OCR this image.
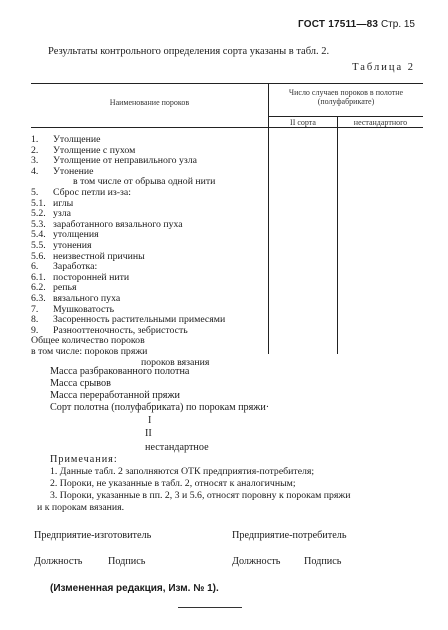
ГОСТ 17511—83 Стр. 15
Результаты контрольного определения сорта указаны в табл. 2.
Таблица 2
Наименование пороков
Число случаев пороков в полотне (полуфабрикате)
II сорта	нестандартного
1. Утолщение
2. Утолщение с пухом
3. Утолщение от неправильного узла
4. Утонение
в том числе от обрыва одной нити
5. Сброс петли из-за:
5.1. иглы
5.2. узла
5.3. заработанного вязального пуха
5.4. утолщения
5.5. утонения
5.6. неизвестной причины
6. Заработка:
6.1. посторонней нити
6.2. репья
6.3. вязального пуха
7. Мушковатость
8. Засоренность растительными примесями
9. Разнооттеночность, зебристость
Общее количество пороков
в том числе: пороков пряжи
пороков вязания
Масса разбракованного полотна
Масса срывов
Масса переработанной пряжи
Сорт полотна (полуфабриката) по порокам пряжи·
I
II
нестандартное
Примечания:
1. Данные табл. 2 заполняются ОТК предприятия-потребителя;
2. Пороки, не указанные в табл. 2, относят к аналогичным;
3. Пороки, указанные в пп. 2, 3 и 5.6, относят поровну к порокам пряжи
и к порокам вязания.
Предприятие-изготовитель	Предприятие-потребитель
Должность	Подпись	Должность Подпись
(Измененная редакция, Изм. № 1).
